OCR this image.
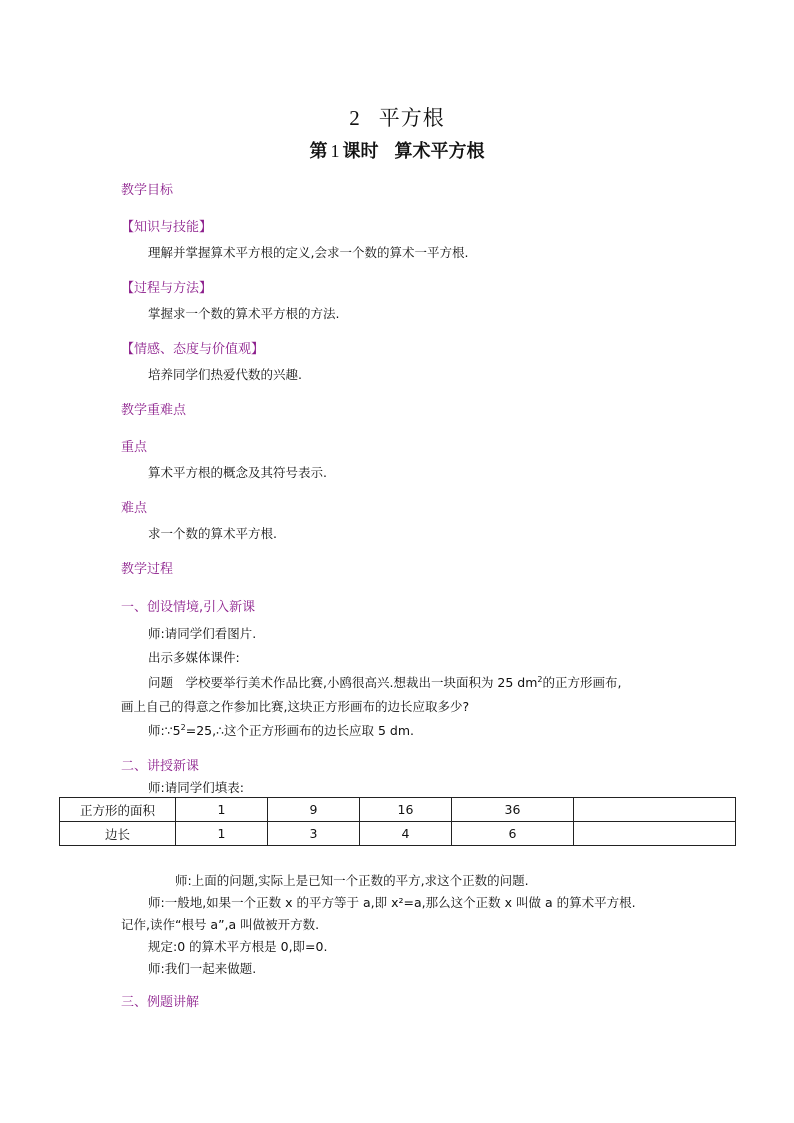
2 平方根
第 1 课时 算术平方根
教学目标
【知识与技能】
理解并掌握算术平方根的定义,会求一个数的算术一平方根.
【过程与方法】
掌握求一个数的算术平方根的方法.
【情感、态度与价值观】
培养同学们热爱代数的兴趣.
教学重难点
重点
算术平方根的概念及其符号表示.
难点
求一个数的算术平方根.
教学过程
一、创设情境,引入新课
师:请同学们看图片.
出示多媒体课件:
问题　学校要举行美术作品比赛,小鸥很高兴.想裁出一块面积为 25 $dm^2$的正方形画布,
画上自己的得意之作参加比赛,这块正方形画布的边长应取多少?
师$:\because 5^2=25,\therefore$这个正方形画布的边长应取 5 dm.
二、讲授新课
师:请同学们填表:
正方形的面积	1	9	16	36	
边长	1	3	4	6	
师:上面的问题,实际上是已知一个正数的平方,求这个正数的问题.
师:一般地,如果一个正数 x 的平方等于 a,即 x²=a,那么这个正数 x 叫做 a 的算术平方根.
记作,读作“根号 a”,a 叫做被开方数.
规定:0 的算术平方根是 0,即=0.
师:我们一起来做题.
三、例题讲解
